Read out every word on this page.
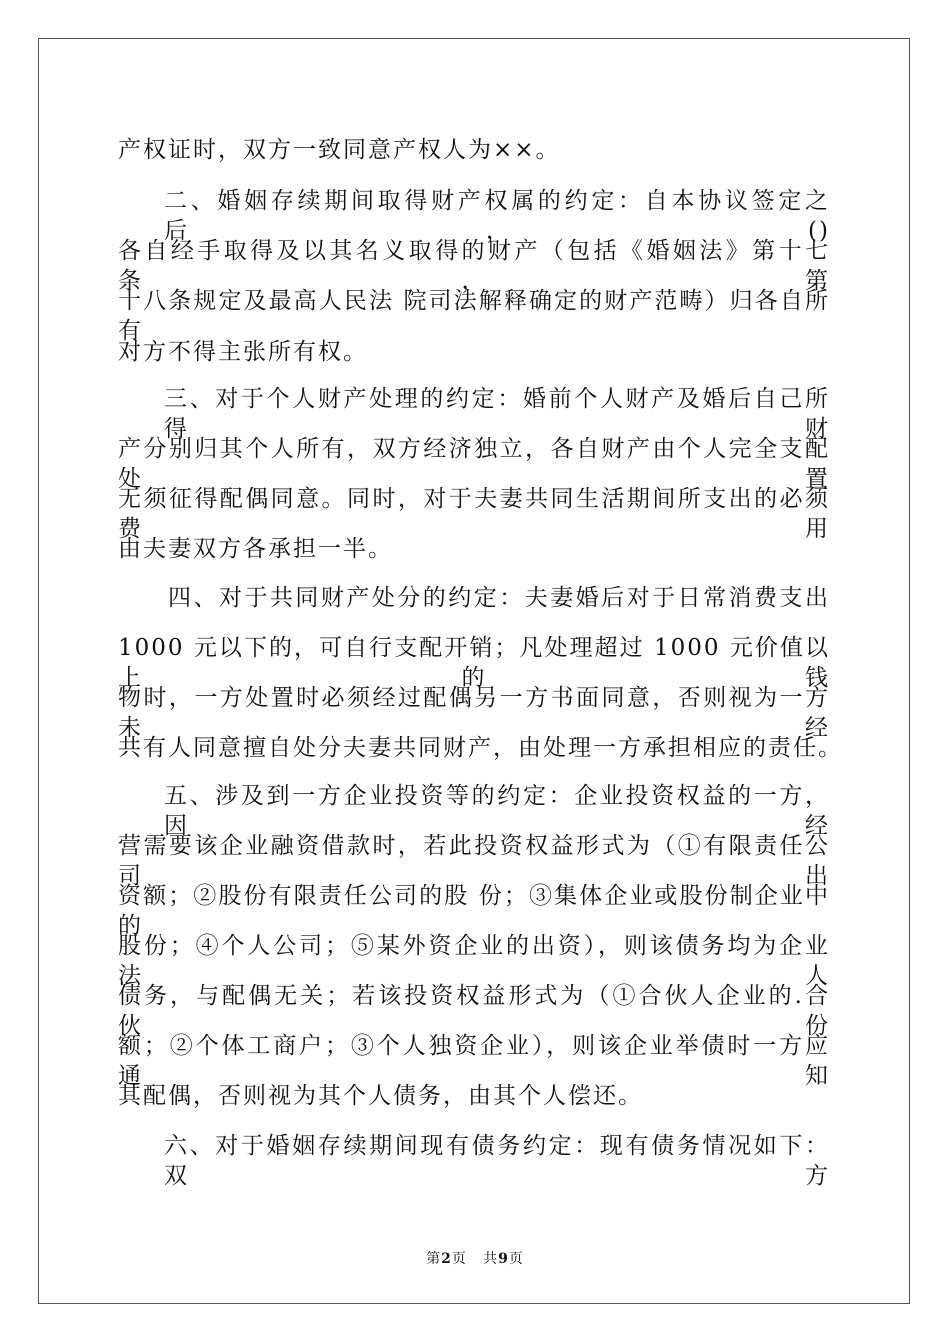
产权证时，双方一致同意产权人为××。
二、婚姻存续期间取得财产权属的约定：自本协议签定之后，()
各自经手取得及以其名义取得的财产（包括《婚姻法》第十七条，第
十八条规定及最高人民法 院司法解释确定的财产范畴）归各自所有
对方不得主张所有权。
三、对于个人财产处理的约定：婚前个人财产及婚后自己所得财
产分别归其个人所有，双方经济独立，各自财产由个人完全支配处置
无须征得配偶同意。同时，对于夫妻共同生活期间所支出的必须费用
由夫妻双方各承担一半。
四、对于共同财产处分的约定：夫妻婚后对于日常消费支出
1000 元以下的，可自行支配开销；凡处理超过 1000 元价值以上的钱
物时，一方处置时必须经过配偶另一方书面同意，否则视为一方未经
共有人同意擅自处分夫妻共同财产，由处理一方承担相应的责任。
五、涉及到一方企业投资等的约定：企业投资权益的一方，因经
营需要该企业融资借款时，若此投资权益形式为（①有限责任公司出
资额；②股份有限责任公司的股 份；③集体企业或股份制企业中的
股份；④个人公司；⑤某外资企业的出资），则该债务均为企业法人
债务，与配偶无关；若该投资权益形式为（①合伙人企业的.合 伙份
额；②个体工商户；③个人独资企业），则该企业举债时一方应通知
其配偶，否则视为其个人债务，由其个人偿还。
六、对于婚姻存续期间现有债务约定：现有债务情况如下：双方
第2页 共9页
